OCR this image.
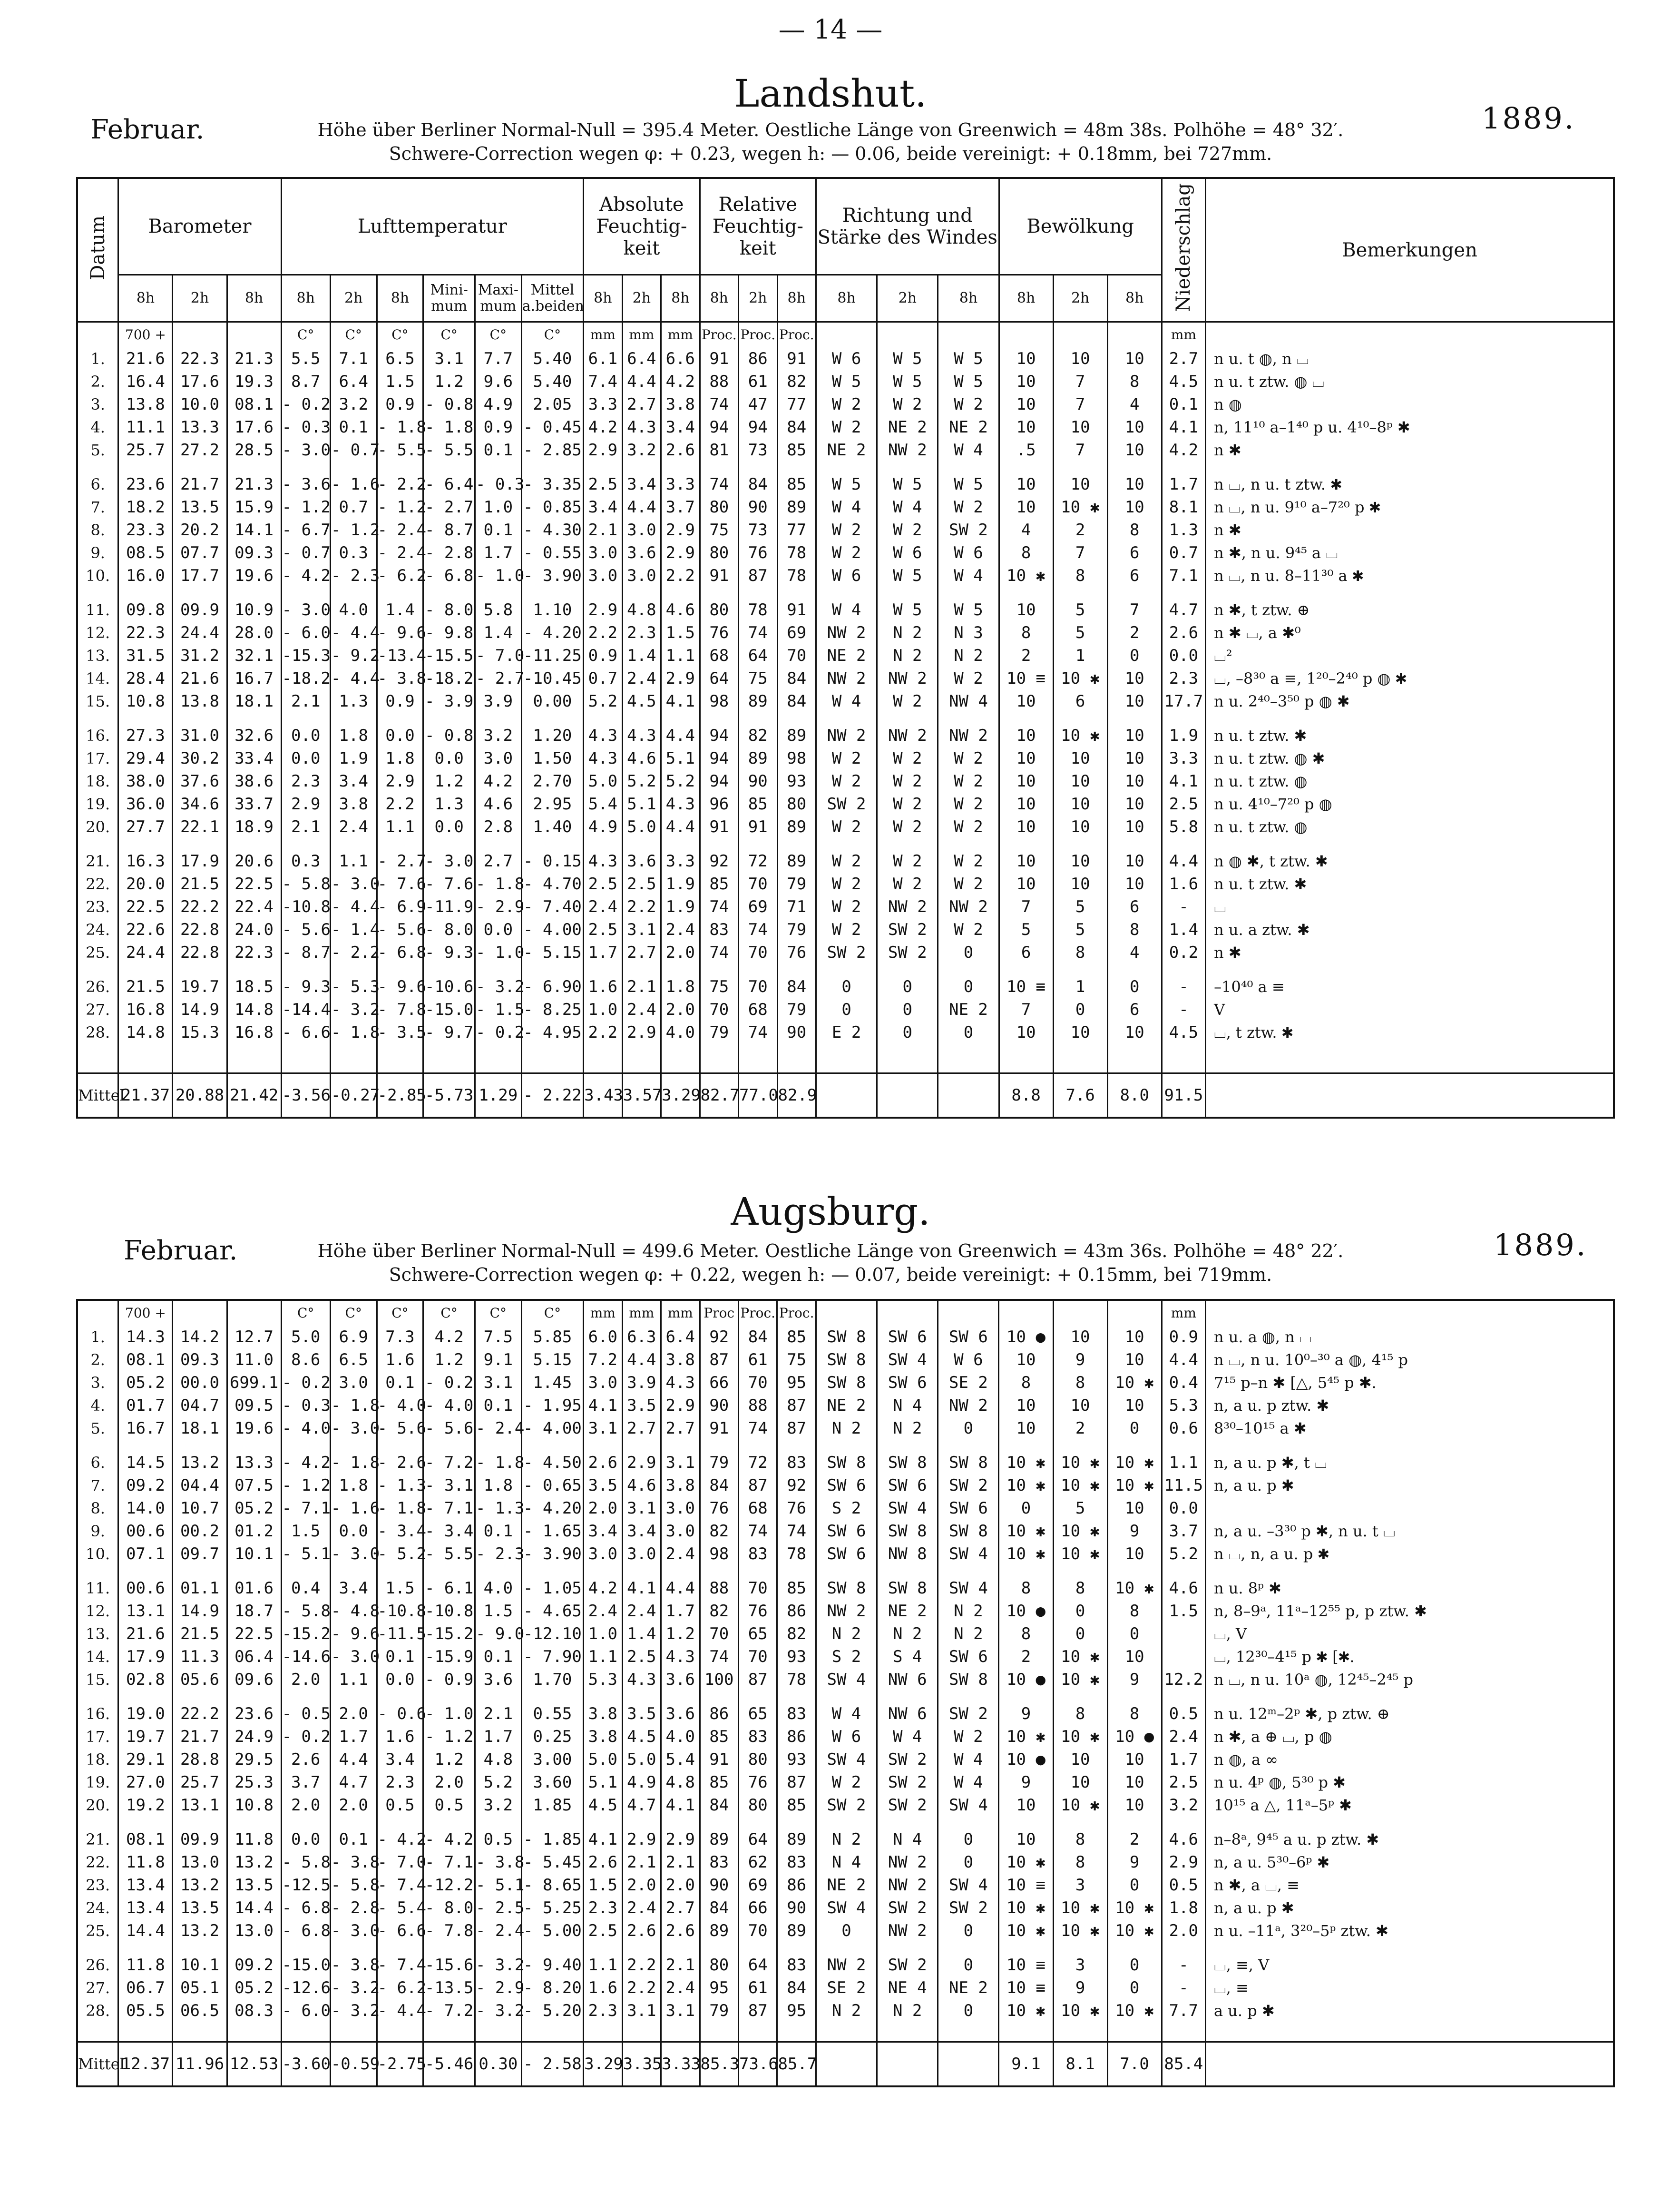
— 14 —
Landshut.
Februar.	1889.
Höhe über Berliner Normal-Null = 395.4 Meter. Oestliche Länge von Greenwich = 48m 38s. Polhöhe = 48° 32′.
Schwere-Correction wegen φ: + 0.23, wegen h: — 0.06, beide vereinigt: + 0.18mm, bei 727mm.
Datum	Barometer			Lufttemperatur						Absolute Feuchtig-keit			Relative Feuchtig-keit			Richtung und Stärke des Windes			Bewölkung			Niederschlag	Bemerkungen
	8h	2h	8h	8h	2h	8h	Mini-mum	Maxi-mum	Mittel a.beiden	8h	2h	8h	8h	2h	8h	8h	2h	8h	8h	2h	8h		
	700 +			C°	C°	C°	C°	C°	C°	mm	mm	mm	Proc.	Proc.	Proc.							mm	
1.	21.6	22.3	21.3	5.5	7.1	6.5	3.1	7.7	5.40	6.1	6.4	6.6	91	86	91	W 6	W 5	W 5	10	10	10	2.7	n u. t ◍, n ⌴
2.	16.4	17.6	19.3	8.7	6.4	1.5	1.2	9.6	5.40	7.4	4.4	4.2	88	61	82	W 5	W 5	W 5	10	7	8	4.5	n u. t ztw. ◍ ⌴
3.	13.8	10.0	08.1	- 0.2	3.2	0.9	- 0.8	4.9	2.05	3.3	2.7	3.8	74	47	77	W 2	W 2	W 2	10	7	4	0.1	n ◍
4.	11.1	13.3	17.6	- 0.3	0.1	- 1.8	- 1.8	0.9	- 0.45	4.2	4.3	3.4	94	94	84	W 2	NE 2	NE 2	10	10	10	4.1	n, 11¹⁰ a–1⁴⁰ p u. 4¹⁰–8ᵖ ✱
5.	25.7	27.2	28.5	- 3.0	- 0.7	- 5.5	- 5.5	0.1	- 2.85	2.9	3.2	2.6	81	73	85	NE 2	NW 2	W 4	.5	7	10	4.2	n ✱

6.	23.6	21.7	21.3	- 3.6	- 1.6	- 2.2	- 6.4	- 0.3	- 3.35	2.5	3.4	3.3	74	84	85	W 5	W 5	W 5	10	10	10	1.7	n ⌴, n u. t ztw. ✱
7.	18.2	13.5	15.9	- 1.2	0.7	- 1.2	- 2.7	1.0	- 0.85	3.4	4.4	3.7	80	90	89	W 4	W 4	W 2	10	10 ✱	10	8.1	n ⌴, n u. 9¹⁰ a–7²⁰ p ✱
8.	23.3	20.2	14.1	- 6.7	- 1.2	- 2.4	- 8.7	0.1	- 4.30	2.1	3.0	2.9	75	73	77	W 2	W 2	SW 2	4	2	8	1.3	n ✱
9.	08.5	07.7	09.3	- 0.7	0.3	- 2.4	- 2.8	1.7	- 0.55	3.0	3.6	2.9	80	76	78	W 2	W 6	W 6	8	7	6	0.7	n ✱, n u. 9⁴⁵ a ⌴
10.	16.0	17.7	19.6	- 4.2	- 2.3	- 6.2	- 6.8	- 1.0	- 3.90	3.0	3.0	2.2	91	87	78	W 6	W 5	W 4	10 ✱	8	6	7.1	n ⌴, n u. 8–11³⁰ a ✱

11.	09.8	09.9	10.9	- 3.0	4.0	1.4	- 8.0	5.8	1.10	2.9	4.8	4.6	80	78	91	W 4	W 5	W 5	10	5	7	4.7	n ✱, t ztw. ⊕
12.	22.3	24.4	28.0	- 6.0	- 4.4	- 9.6	- 9.8	1.4	- 4.20	2.2	2.3	1.5	76	74	69	NW 2	N 2	N 3	8	5	2	2.6	n ✱ ⌴, a ✱⁰
13.	31.5	31.2	32.1	-15.3	- 9.2	-13.4	-15.5	- 7.0	-11.25	0.9	1.4	1.1	68	64	70	NE 2	N 2	N 2	2	1	0	0.0	⌴²
14.	28.4	21.6	16.7	-18.2	- 4.4	- 3.8	-18.2	- 2.7	-10.45	0.7	2.4	2.9	64	75	84	NW 2	NW 2	W 2	10 ≡	10 ✱	10	2.3	⌴, –8³⁰ a ≡, 1²⁰–2⁴⁰ p ◍ ✱
15.	10.8	13.8	18.1	2.1	1.3	0.9	- 3.9	3.9	0.00	5.2	4.5	4.1	98	89	84	W 4	W 2	NW 4	10	6	10	17.7	n u. 2⁴⁰–3⁵⁰ p ◍ ✱

16.	27.3	31.0	32.6	0.0	1.8	0.0	- 0.8	3.2	1.20	4.3	4.3	4.4	94	82	89	NW 2	NW 2	NW 2	10	10 ✱	10	1.9	n u. t ztw. ✱
17.	29.4	30.2	33.4	0.0	1.9	1.8	0.0	3.0	1.50	4.3	4.6	5.1	94	89	98	W 2	W 2	W 2	10	10	10	3.3	n u. t ztw. ◍ ✱
18.	38.0	37.6	38.6	2.3	3.4	2.9	1.2	4.2	2.70	5.0	5.2	5.2	94	90	93	W 2	W 2	W 2	10	10	10	4.1	n u. t ztw. ◍
19.	36.0	34.6	33.7	2.9	3.8	2.2	1.3	4.6	2.95	5.4	5.1	4.3	96	85	80	SW 2	W 2	W 2	10	10	10	2.5	n u. 4¹⁰–7²⁰ p ◍
20.	27.7	22.1	18.9	2.1	2.4	1.1	0.0	2.8	1.40	4.9	5.0	4.4	91	91	89	W 2	W 2	W 2	10	10	10	5.8	n u. t ztw. ◍

21.	16.3	17.9	20.6	0.3	1.1	- 2.7	- 3.0	2.7	- 0.15	4.3	3.6	3.3	92	72	89	W 2	W 2	W 2	10	10	10	4.4	n ◍ ✱, t ztw. ✱
22.	20.0	21.5	22.5	- 5.8	- 3.0	- 7.6	- 7.6	- 1.8	- 4.70	2.5	2.5	1.9	85	70	79	W 2	W 2	W 2	10	10	10	1.6	n u. t ztw. ✱
23.	22.5	22.2	22.4	-10.8	- 4.4	- 6.9	-11.9	- 2.9	- 7.40	2.4	2.2	1.9	74	69	71	W 2	NW 2	NW 2	7	5	6	-	⌴
24.	22.6	22.8	24.0	- 5.6	- 1.4	- 5.6	- 8.0	0.0	- 4.00	2.5	3.1	2.4	83	74	79	W 2	SW 2	W 2	5	5	8	1.4	n u. a ztw. ✱
25.	24.4	22.8	22.3	- 8.7	- 2.2	- 6.8	- 9.3	- 1.0	- 5.15	1.7	2.7	2.0	74	70	76	SW 2	SW 2	0	6	8	4	0.2	n ✱

26.	21.5	19.7	18.5	- 9.3	- 5.3	- 9.6	-10.6	- 3.2	- 6.90	1.6	2.1	1.8	75	70	84	0	0	0	10 ≡	1	0	-	–10⁴⁰ a ≡
27.	16.8	14.9	14.8	-14.4	- 3.2	- 7.8	-15.0	- 1.5	- 8.25	1.0	2.4	2.0	70	68	79	0	0	NE 2	7	0	6	-	V
28.	14.8	15.3	16.8	- 6.6	- 1.8	- 3.5	- 9.7	- 0.2	- 4.95	2.2	2.9	4.0	79	74	90	E 2	0	0	10	10	10	4.5	⌴, t ztw. ✱

Mittel	21.37	20.88	21.42	-3.56	-0.27	-2.85	-5.73	1.29	- 2.22	3.43	3.57	3.29	82.7	77.0	82.9				8.8	7.6	8.0	91.5	
Augsburg.
Februar.	1889.
Höhe über Berliner Normal-Null = 499.6 Meter. Oestliche Länge von Greenwich = 43m 36s. Polhöhe = 48° 22′.
Schwere-Correction wegen φ: + 0.22, wegen h: — 0.07, beide vereinigt: + 0.15mm, bei 719mm.
	700 +			C°	C°	C°	C°	C°	C°	mm	mm	mm	Proc	Proc.	Proc.							mm	
1.	14.3	14.2	12.7	5.0	6.9	7.3	4.2	7.5	5.85	6.0	6.3	6.4	92	84	85	SW 8	SW 6	SW 6	10 ●	10	10	0.9	n u. a ◍, n ⌴
2.	08.1	09.3	11.0	8.6	6.5	1.6	1.2	9.1	5.15	7.2	4.4	3.8	87	61	75	SW 8	SW 4	W 6	10	9	10	4.4	n ⌴, n u. 10⁰–³⁰ a ◍, 4¹⁵ p
3.	05.2	00.0	699.1	- 0.2	3.0	0.1	- 0.2	3.1	1.45	3.0	3.9	4.3	66	70	95	SW 8	SW 6	SE 2	8	8	10 ✱	0.4	7¹⁵ p–n ✱ [△, 5⁴⁵ p ✱.
4.	01.7	04.7	09.5	- 0.3	- 1.8	- 4.0	- 4.0	0.1	- 1.95	4.1	3.5	2.9	90	88	87	NE 2	N 4	NW 2	10	10	10	5.3	n, a u. p ztw. ✱
5.	16.7	18.1	19.6	- 4.0	- 3.0	- 5.6	- 5.6	- 2.4	- 4.00	3.1	2.7	2.7	91	74	87	N 2	N 2	0	10	2	0	0.6	8³⁰–10¹⁵ a ✱

6.	14.5	13.2	13.3	- 4.2	- 1.8	- 2.6	- 7.2	- 1.8	- 4.50	2.6	2.9	3.1	79	72	83	SW 8	SW 8	SW 8	10 ✱	10 ✱	10 ✱	1.1	n, a u. p ✱, t ⌴
7.	09.2	04.4	07.5	- 1.2	1.8	- 1.3	- 3.1	1.8	- 0.65	3.5	4.6	3.8	84	87	92	SW 6	SW 6	SW 2	10 ✱	10 ✱	10 ✱	11.5	n, a u. p ✱
8.	14.0	10.7	05.2	- 7.1	- 1.6	- 1.8	- 7.1	- 1.3	- 4.20	2.0	3.1	3.0	76	68	76	S 2	SW 4	SW 6	0	5	10	0.0	
9.	00.6	00.2	01.2	1.5	0.0	- 3.4	- 3.4	0.1	- 1.65	3.4	3.4	3.0	82	74	74	SW 6	SW 8	SW 8	10 ✱	10 ✱	9	3.7	n, a u. –3³⁰ p ✱, n u. t ⌴
10.	07.1	09.7	10.1	- 5.1	- 3.0	- 5.2	- 5.5	- 2.3	- 3.90	3.0	3.0	2.4	98	83	78	SW 6	NW 8	SW 4	10 ✱	10 ✱	10	5.2	n ⌴, n, a u. p ✱

11.	00.6	01.1	01.6	0.4	3.4	1.5	- 6.1	4.0	- 1.05	4.2	4.1	4.4	88	70	85	SW 8	SW 8	SW 4	8	8	10 ✱	4.6	n u. 8ᵖ ✱
12.	13.1	14.9	18.7	- 5.8	- 4.8	-10.8	-10.8	1.5	- 4.65	2.4	2.4	1.7	82	76	86	NW 2	NE 2	N 2	10 ●	0	8	1.5	n, 8–9ᵃ, 11ᵃ–12⁵⁵ p, p ztw. ✱
13.	21.6	21.5	22.5	-15.2	- 9.6	-11.5	-15.2	- 9.0	-12.10	1.0	1.4	1.2	70	65	82	N 2	N 2	N 2	8	0	0		⌴, V
14.	17.9	11.3	06.4	-14.6	- 3.0	0.1	-15.9	0.1	- 7.90	1.1	2.5	4.3	74	70	93	S 2	S 4	SW 6	2	10 ✱	10		⌴, 12³⁰–4¹⁵ p ✱ [✱.
15.	02.8	05.6	09.6	2.0	1.1	0.0	- 0.9	3.6	1.70	5.3	4.3	3.6	100	87	78	SW 4	NW 6	SW 8	10 ●	10 ✱	9	12.2	n ⌴, n u. 10ᵃ ◍, 12⁴⁵–2⁴⁵ p

16.	19.0	22.2	23.6	- 0.5	2.0	- 0.6	- 1.0	2.1	0.55	3.8	3.5	3.6	86	65	83	W 4	NW 6	SW 2	9	8	8	0.5	n u. 12ᵐ–2ᵖ ✱, p ztw. ⊕
17.	19.7	21.7	24.9	- 0.2	1.7	1.6	- 1.2	1.7	0.25	3.8	4.5	4.0	85	83	86	W 6	W 4	W 2	10 ✱	10 ✱	10 ●	2.4	n ✱, a ⊕ ⌴, p ◍
18.	29.1	28.8	29.5	2.6	4.4	3.4	1.2	4.8	3.00	5.0	5.0	5.4	91	80	93	SW 4	SW 2	W 4	10 ●	10	10	1.7	n ◍, a ∞
19.	27.0	25.7	25.3	3.7	4.7	2.3	2.0	5.2	3.60	5.1	4.9	4.8	85	76	87	W 2	SW 2	W 4	9	10	10	2.5	n u. 4ᵖ ◍, 5³⁰ p ✱
20.	19.2	13.1	10.8	2.0	2.0	0.5	0.5	3.2	1.85	4.5	4.7	4.1	84	80	85	SW 2	SW 2	SW 4	10	10 ✱	10	3.2	10¹⁵ a △, 11ᵃ–5ᵖ ✱

21.	08.1	09.9	11.8	0.0	0.1	- 4.2	- 4.2	0.5	- 1.85	4.1	2.9	2.9	89	64	89	N 2	N 4	0	10	8	2	4.6	n–8ᵃ, 9⁴⁵ a u. p ztw. ✱
22.	11.8	13.0	13.2	- 5.8	- 3.8	- 7.0	- 7.1	- 3.8	- 5.45	2.6	2.1	2.1	83	62	83	N 4	NW 2	0	10 ✱	8	9	2.9	n, a u. 5³⁰–6ᵖ ✱
23.	13.4	13.2	13.5	-12.5	- 5.8	- 7.4	-12.2	- 5.1	- 8.65	1.5	2.0	2.0	90	69	86	NE 2	NW 2	SW 4	10 ≡	3	0	0.5	n ✱, a ⌴, ≡
24.	13.4	13.5	14.4	- 6.8	- 2.8	- 5.4	- 8.0	- 2.5	- 5.25	2.3	2.4	2.7	84	66	90	SW 4	SW 2	SW 2	10 ✱	10 ✱	10 ✱	1.8	n, a u. p ✱
25.	14.4	13.2	13.0	- 6.8	- 3.0	- 6.6	- 7.8	- 2.4	- 5.00	2.5	2.6	2.6	89	70	89	0	NW 2	0	10 ✱	10 ✱	10 ✱	2.0	n u. –11ᵃ, 3²⁰–5ᵖ ztw. ✱

26.	11.8	10.1	09.2	-15.0	- 3.8	- 7.4	-15.6	- 3.2	- 9.40	1.1	2.2	2.1	80	64	83	NW 2	SW 2	0	10 ≡	3	0	-	⌴, ≡, V
27.	06.7	05.1	05.2	-12.6	- 3.2	- 6.2	-13.5	- 2.9	- 8.20	1.6	2.2	2.4	95	61	84	SE 2	NE 4	NE 2	10 ≡	9	0	-	⌴, ≡
28.	05.5	06.5	08.3	- 6.0	- 3.2	- 4.4	- 7.2	- 3.2	- 5.20	2.3	3.1	3.1	79	87	95	N 2	N 2	0	10 ✱	10 ✱	10 ✱	7.7	a u. p ✱

Mittel	12.37	11.96	12.53	-3.60	-0.59	-2.75	-5.46	0.30	- 2.58	3.29	3.35	3.33	85.3	73.6	85.7				9.1	8.1	7.0	85.4	
